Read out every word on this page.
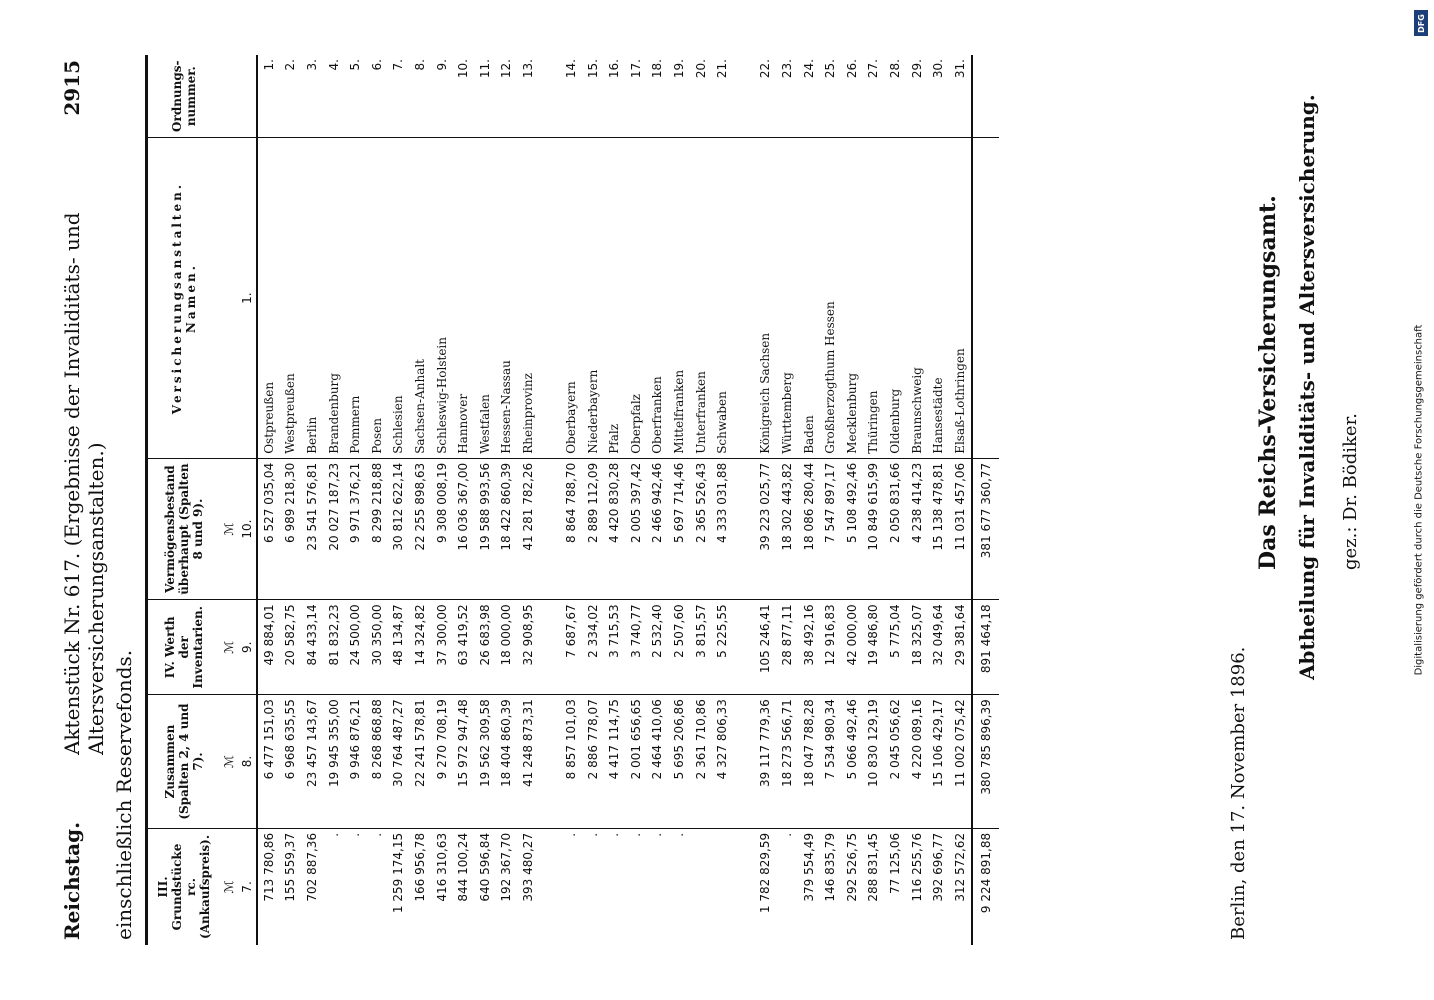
Reichstag.
Aktenstück Nr. 617. (Ergebnisse der Invaliditäts- und Altersversicherungsanstalten.)
2915
einschließlich Reservefonds. III. Grundstücke rc. (Ankaufspreis).	Zusammen (Spalten 2, 4 und 7).	IV. Werth der Inventarien.	Vermögensbestand überhaupt (Spalten 8 und 9).	Versicherungsanstalten. Namen.	Ordnungs- nummer.
ℳ	ℳ	ℳ	ℳ		
7.	8.	9.	10.	1.	
713 780,86	6 477 151,03	49 884,01	6 527 035,04	Ostpreußen	1.
155 559,37	6 968 635,55	20 582,75	6 989 218,30	Westpreußen	2.
702 887,36	23 457 143,67	84 433,14	23 541 576,81	Berlin	3.
.	19 945 355,00	81 832,23	20 027 187,23	Brandenburg	4.
.	9 946 876,21	24 500,00	9 971 376,21	Pommern	5.
.	8 268 868,88	30 350,00	8 299 218,88	Posen	6.
1 259 174,15	30 764 487,27	48 134,87	30 812 622,14	Schlesien	7.
166 956,78	22 241 578,81	14 324,82	22 255 898,63	Sachsen-Anhalt	8.
416 310,63	9 270 708,19	37 300,00	9 308 008,19	Schleswig-Holstein	9.
844 100,24	15 972 947,48	63 419,52	16 036 367,00	Hannover	10.
640 596,84	19 562 309,58	26 683,98	19 588 993,56	Westfalen	11.
192 367,70	18 404 860,39	18 000,00	18 422 860,39	Hessen-Nassau	12.
393 480,27	41 248 873,31	32 908,95	41 281 782,26	Rheinprovinz	13.

.	8 857 101,03	7 687,67	8 864 788,70	Oberbayern	14.
.	2 886 778,07	2 334,02	2 889 112,09	Niederbayern	15.
.	4 417 114,75	3 715,53	4 420 830,28	Pfalz	16.
.	2 001 656,65	3 740,77	2 005 397,42	Oberpfalz	17.
.	2 464 410,06	2 532,40	2 466 942,46	Oberfranken	18.
.	5 695 206,86	2 507,60	5 697 714,46	Mittelfranken	19.
	2 361 710,86	3 815,57	2 365 526,43	Unterfranken	20.
	4 327 806,33	5 225,55	4 333 031,88	Schwaben	21.

1 782 829,59	39 117 779,36	105 246,41	39 223 025,77	Königreich Sachsen	22.
.	18 273 566,71	28 877,11	18 302 443,82	Württemberg	23.
379 554,49	18 047 788,28	38 492,16	18 086 280,44	Baden	24.
146 835,79	7 534 980,34	12 916,83	7 547 897,17	Großherzogthum Hessen	25.
292 526,75	5 066 492,46	42 000,00	5 108 492,46	Mecklenburg	26.
288 831,45	10 830 129,19	19 486,80	10 849 615,99	Thüringen	27.
77 125,06	2 045 056,62	5 775,04	2 050 831,66	Oldenburg	28.
116 255,76	4 220 089,16	18 325,07	4 238 414,23	Braunschweig	29.
392 696,77	15 106 429,17	32 049,64	15 138 478,81	Hansestädte	30.
312 572,62	11 002 075,42	29 381,64	11 031 457,06	Elsaß-Lothringen	31.
9 224 891,88	380 785 896,39	891 464,18	381 677 360,77		
Berlin, den 17. November 1896.
Das Reichs-Versicherungsamt. Abtheilung für Invaliditäts- und Altersversicherung. gez.: Dr. Bödiker.	Digitalisierung gefördert durch die Deutsche Forschungsgemeinschaft
DFG
